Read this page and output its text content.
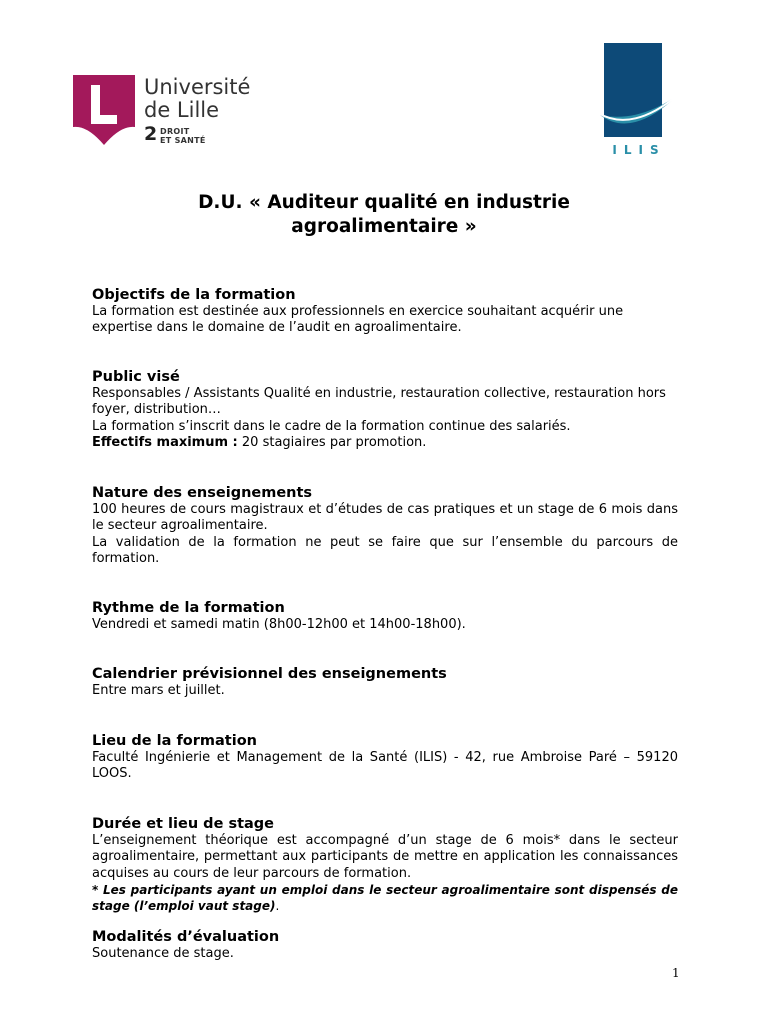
Université
de Lille
2 DROIT
ET SANTÉ
ILIS
D.U. « Auditeur qualité en industrie
agroalimentaire »
Objectifs de la formation

La formation est destinée aux professionnels en exercice souhaitant acquérir une expertise dans le domaine de l’audit en agroalimentaire.

Public visé

Responsables / Assistants Qualité en industrie, restauration collective, restauration hors foyer, distribution…

La formation s’inscrit dans le cadre de la formation continue des salariés.

Effectifs maximum : 20 stagiaires par promotion.

Nature des enseignements

100 heures de cours magistraux et d’études de cas pratiques et un stage de 6 mois dans le secteur agroalimentaire.

La validation de la formation ne peut se faire que sur l’ensemble du parcours de formation.

Rythme de la formation

Vendredi et samedi matin (8h00-12h00 et 14h00-18h00).

Calendrier prévisionnel des enseignements

Entre mars et juillet.

Lieu de la formation

Faculté Ingénierie et Management de la Santé (ILIS) - 42, rue Ambroise Paré – 59120 LOOS.

Durée et lieu de stage

L’enseignement théorique est accompagné d’un stage de 6 mois* dans le secteur agroalimentaire, permettant aux participants de mettre en application les connaissances acquises au cours de leur parcours de formation.

* Les participants ayant un emploi dans le secteur agroalimentaire sont dispensés de stage (l’emploi vaut stage).

Modalités d’évaluation

Soutenance de stage.

1
